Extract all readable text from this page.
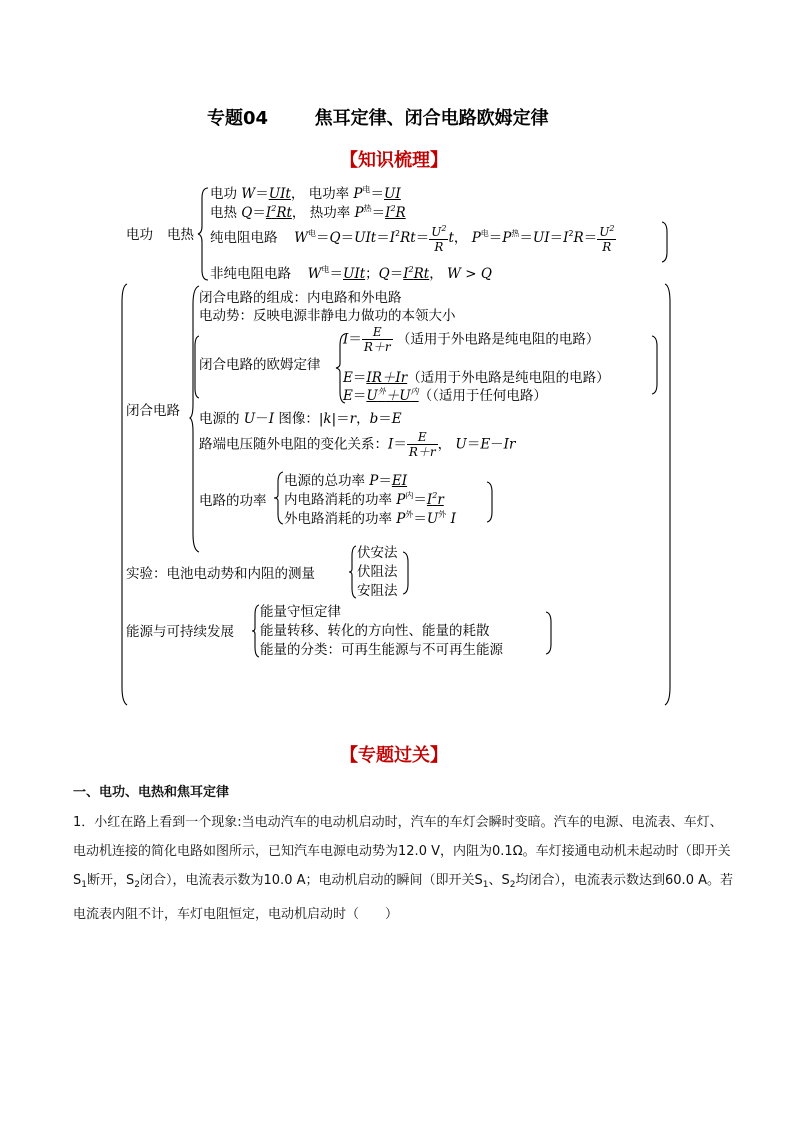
专题04	焦耳定律、闭合电路欧姆定律
【知识梳理】
电功 电热
电功 W＝UIt， 电功率 $P^电=UI$
电热 $Q=I^2Rt$， 热功率 $P^热=I^2R$
纯电阻电路 $W^电=Q=UIt=I^2Rt= \frac{U^2}{R}$ t， $P^电=P^热=UI=I^2R= \frac{U^2}{R}$
非纯电阻电路 $W^电=UIt$；$Q=I^2Rt$， W > Q
闭合电路
闭合电路的组成：内电路和外电路
电动势：反映电源非静电力做功的本领大小
闭合电路的欧姆定律
$I= \frac{E}{R+r}$ （适用于外电路是纯电阻的电路）
E＝IR＋Ir（适用于外电路是纯电阻的电路）
$E=U^外+U^内$（（适用于任何电路）
电源的 U－I 图像：|k|＝r，b＝E
路端电压随外电阻的变化关系：$I= \frac{E}{R+r}$ ， U＝E－Ir
电路的功率
电源的总功率 P＝EI
内电路消耗的功率 $P^内=I^2r$
外电路消耗的功率 $P^外=U^外$ I
实验：电池电动势和内阻的测量
伏安法
伏阻法
安阻法
能源与可持续发展
能量守恒定律
能量转移、转化的方向性、能量的耗散
能量的分类：可再生能源与不可再生能源
【专题过关】
一、电功、电热和焦耳定律
1．小红在路上看到一个现象:当电动汽车的电动机启动时，汽车的车灯会瞬时变暗。汽车的电源、电流表、车灯、电动机连接的简化电路如图所示，已知汽车电源电动势为12.0 V，内阻为0.1Ω。车灯接通电动机未起动时（即开关$S_1$断开，$S_2$闭合），电流表示数为10.0 A；电动机启动的瞬间（即开关$S_1$、$S_2$均闭合），电流表示数达到60.0 A。若电流表内阻不计，车灯电阻恒定，电动机启动时（　　）
